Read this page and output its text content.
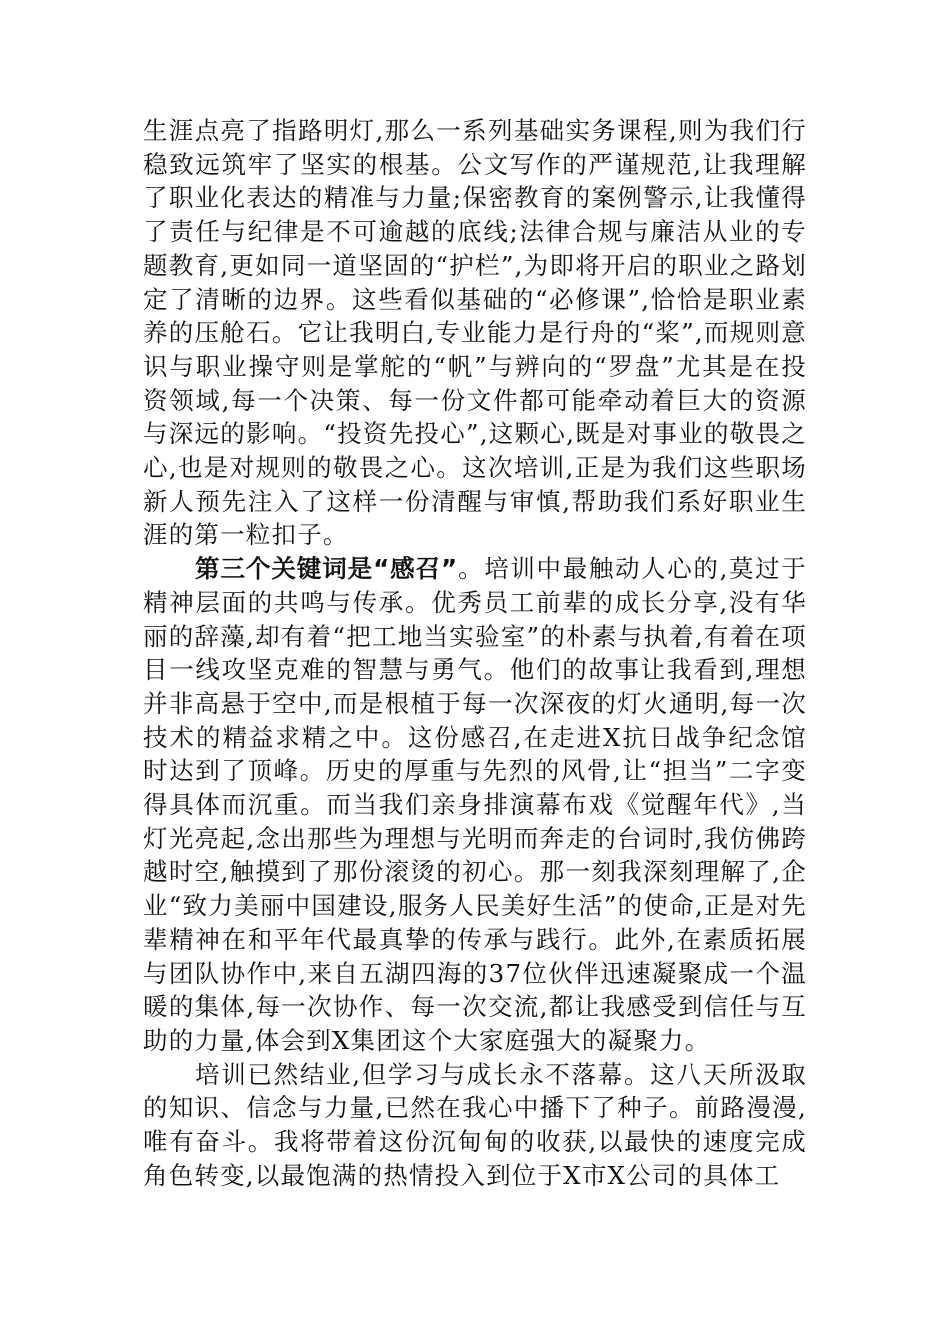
生涯点亮了指路明灯,那么一系列基础实务课程,则为我们行稳致远筑牢了坚实的根基。公文写作的严谨规范,让我理解了职业化表达的精准与力量;保密教育的案例警示,让我懂得了责任与纪律是不可逾越的底线;法律合规与廉洁从业的专题教育,更如同一道坚固的“护栏”,为即将开启的职业之路划定了清晰的边界。这些看似基础的“必修课”,恰恰是职业素养的压舱石。它让我明白,专业能力是行舟的“桨”,而规则意识与职业操守则是掌舵的“帆”与辨向的“罗盘”尤其是在投资领域,每一个决策、每一份文件都可能牵动着巨大的资源与深远的影响。“投资先投心”,这颗心,既是对事业的敬畏之心,也是对规则的敬畏之心。这次培训,正是为我们这些职场新人预先注入了这样一份清醒与审慎,帮助我们系好职业生涯的第一粒扣子。

第三个关键词是“感召”。培训中最触动人心的,莫过于精神层面的共鸣与传承。优秀员工前辈的成长分享,没有华丽的辞藻,却有着“把工地当实验室”的朴素与执着,有着在项目一线攻坚克难的智慧与勇气。他们的故事让我看到,理想并非高悬于空中,而是根植于每一次深夜的灯火通明,每一次技术的精益求精之中。这份感召,在走进X抗日战争纪念馆时达到了顶峰。历史的厚重与先烈的风骨,让“担当”二字变得具体而沉重。而当我们亲身排演幕布戏《觉醒年代》,当灯光亮起,念出那些为理想与光明而奔走的台词时,我仿佛跨越时空,触摸到了那份滚烫的初心。那一刻我深刻理解了,企业“致力美丽中国建设,服务人民美好生活”的使命,正是对先辈精神在和平年代最真挚的传承与践行。此外,在素质拓展与团队协作中,来自五湖四海的37位伙伴迅速凝聚成一个温暖的集体,每一次协作、每一次交流,都让我感受到信任与互助的力量,体会到X集团这个大家庭强大的凝聚力。

培训已然结业,但学习与成长永不落幕。这八天所汲取的知识、信念与力量,已然在我心中播下了种子。前路漫漫,唯有奋斗。我将带着这份沉甸甸的收获,以最快的速度完成角色转变,以最饱满的热情投入到位于X市X公司的具体工
